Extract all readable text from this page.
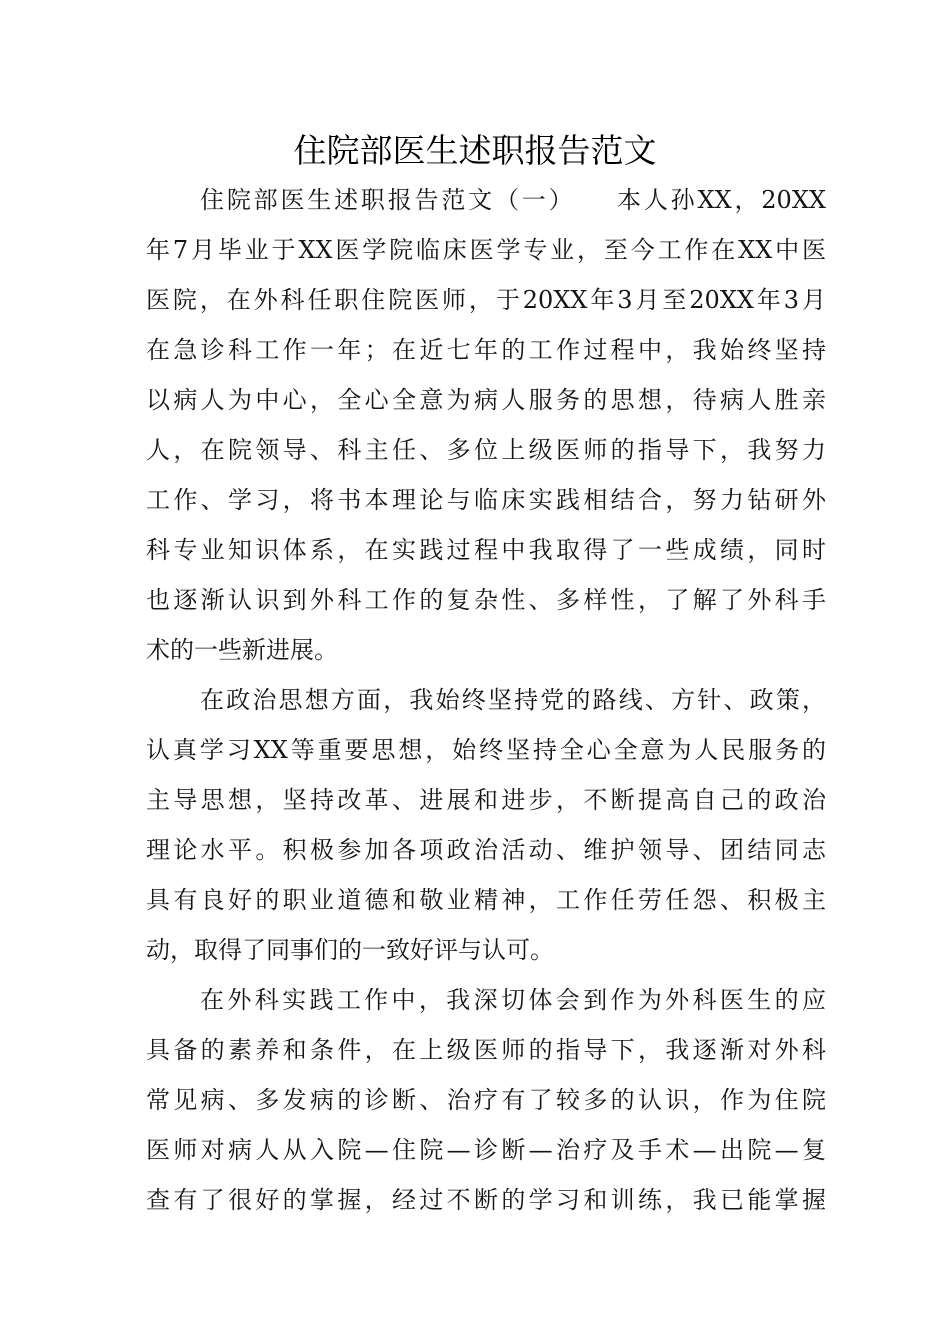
住院部医生述职报告范文
住院部医生述职报告范文（一）　　本人孙XX，20XX
年7月毕业于XX医学院临床医学专业，至今工作在XX中医
医院，在外科任职住院医师，于20XX年3月至20XX年3月
在急诊科工作一年；在近七年的工作过程中，我始终坚持
以病人为中心，全心全意为病人服务的思想，待病人胜亲
人，在院领导、科主任、多位上级医师的指导下，我努力
工作、学习，将书本理论与临床实践相结合，努力钻研外
科专业知识体系，在实践过程中我取得了一些成绩，同时
也逐渐认识到外科工作的复杂性、多样性，了解了外科手
术的一些新进展。
在政治思想方面，我始终坚持党的路线、方针、政策，
认真学习XX等重要思想，始终坚持全心全意为人民服务的
主导思想，坚持改革、进展和进步，不断提高自己的政治
理论水平。积极参加各项政治活动、维护领导、团结同志
具有良好的职业道德和敬业精神，工作任劳任怨、积极主
动，取得了同事们的一致好评与认可。
在外科实践工作中，我深切体会到作为外科医生的应
具备的素养和条件，在上级医师的指导下，我逐渐对外科
常见病、多发病的诊断、治疗有了较多的认识，作为住院
医师对病人从入院—住院—诊断—治疗及手术—出院—复
查有了很好的掌握，经过不断的学习和训练，我已能掌握
